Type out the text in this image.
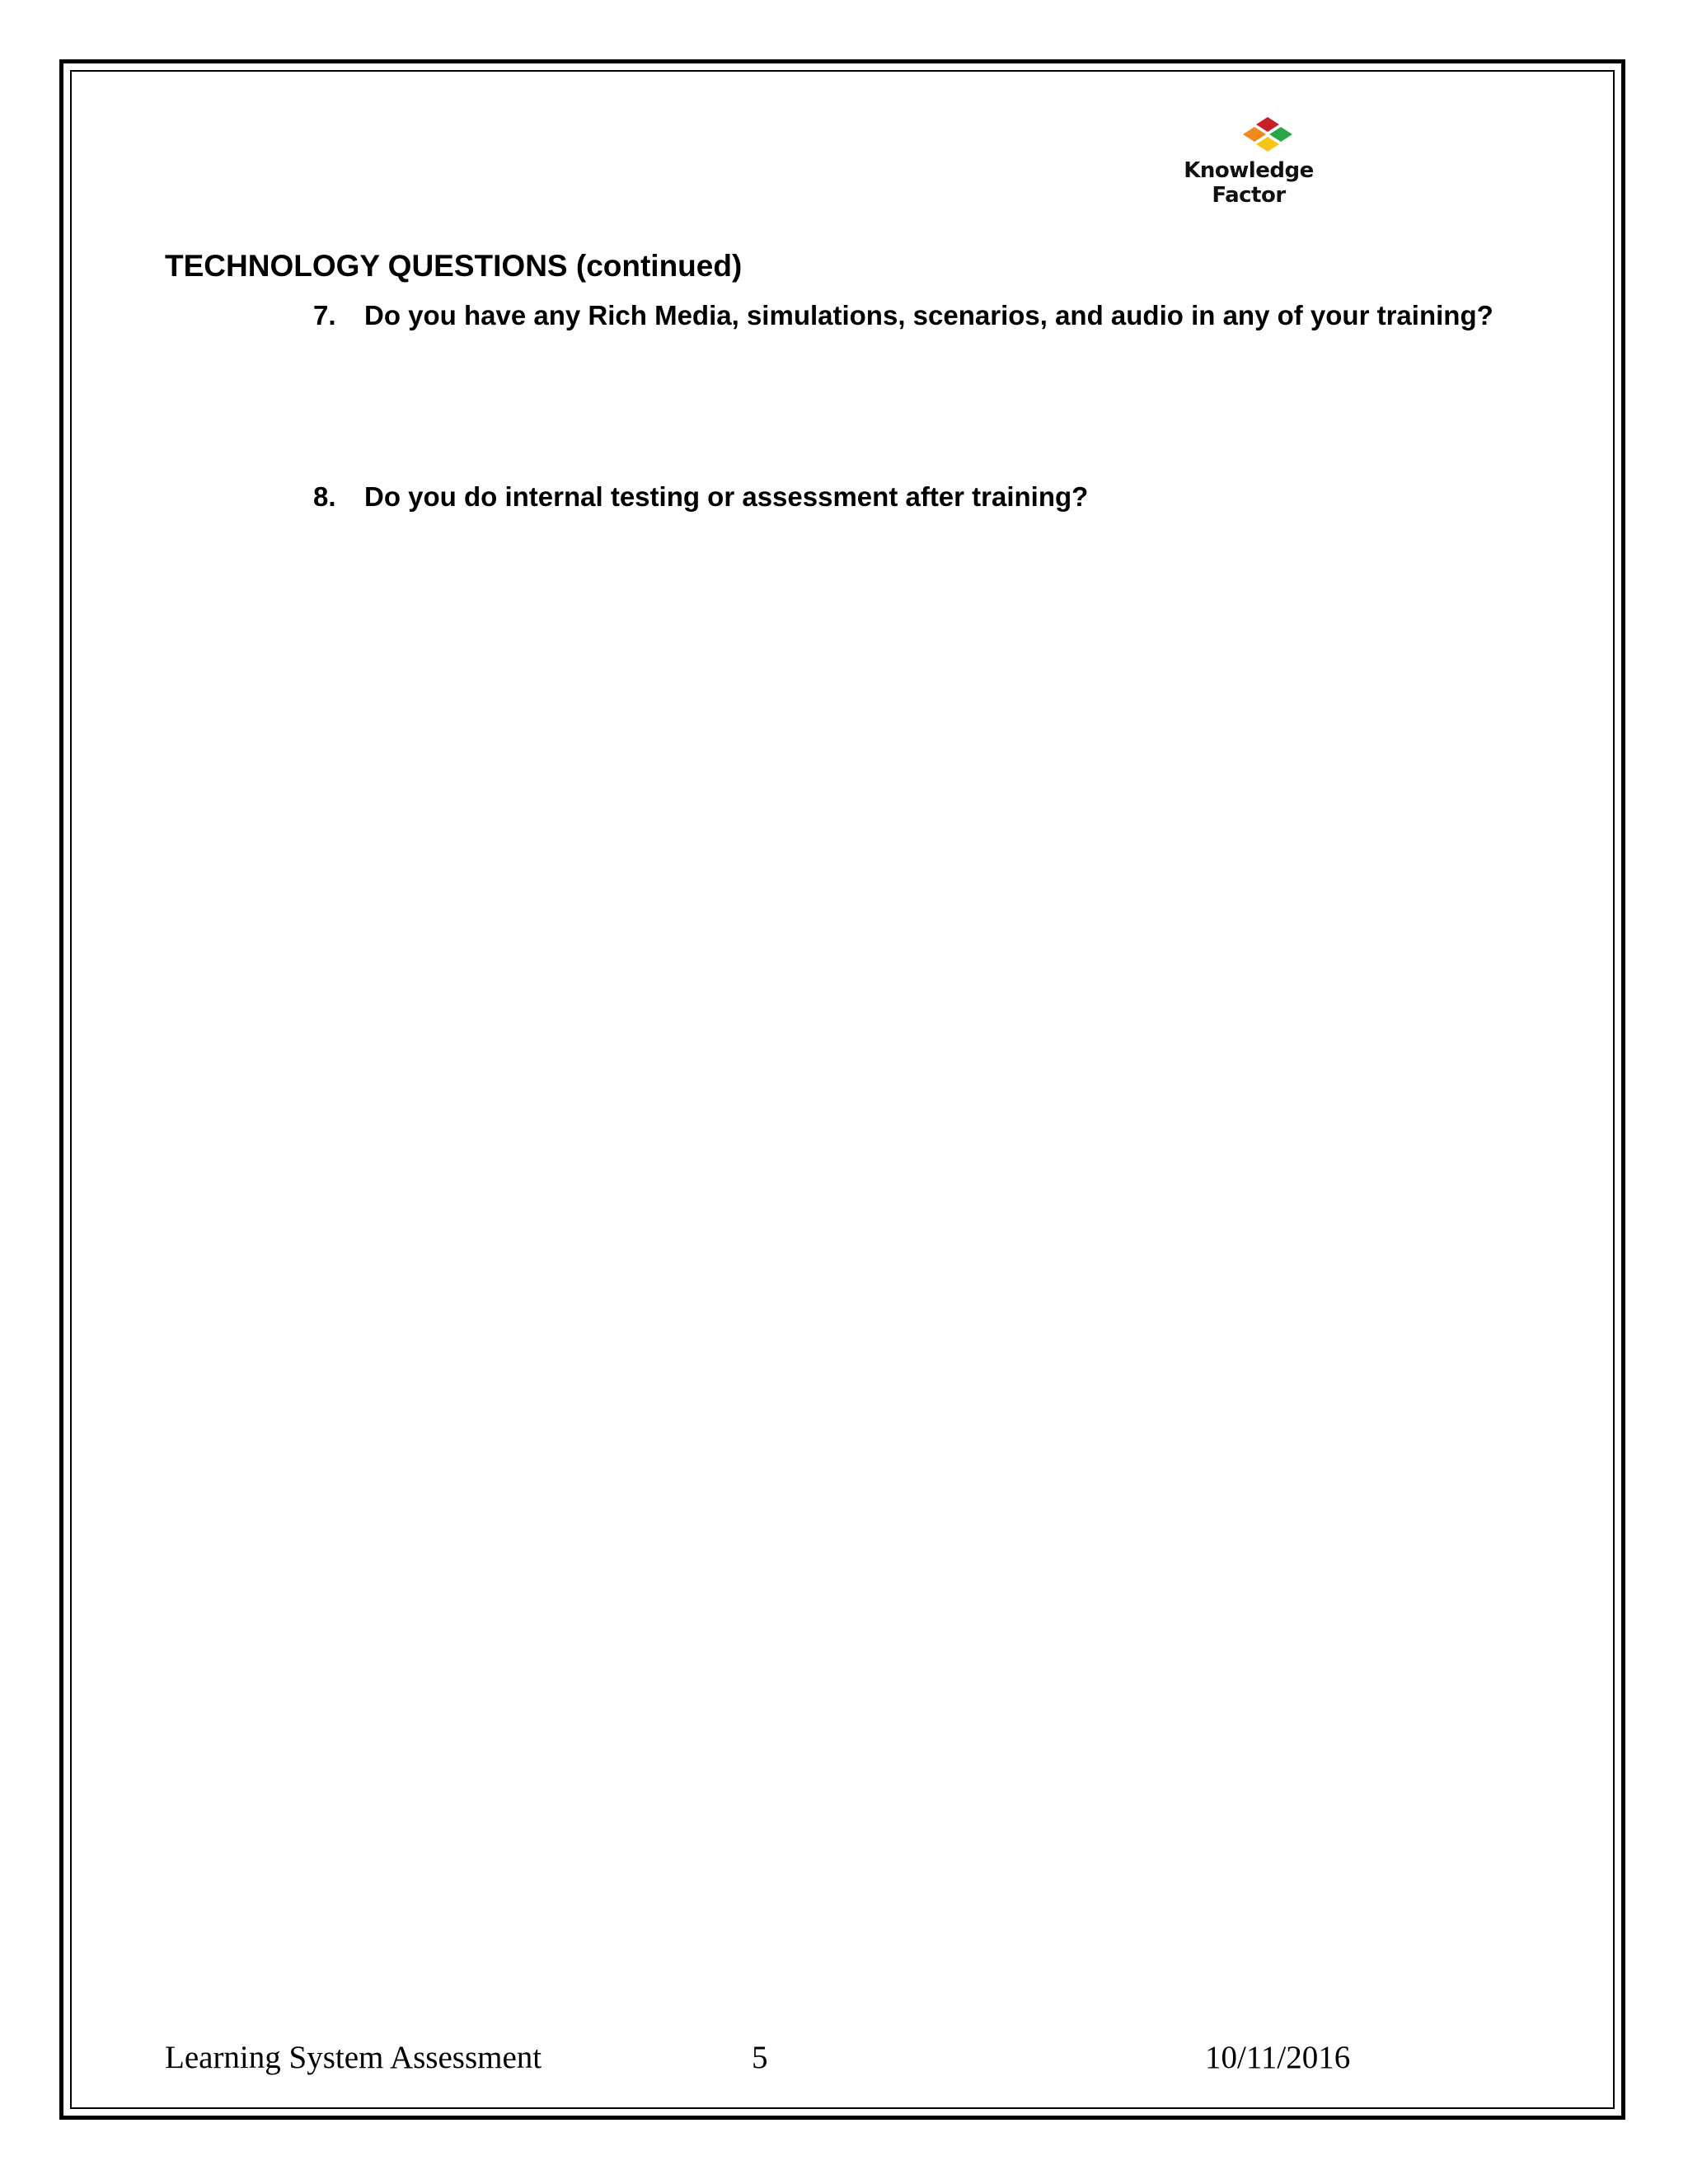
Knowledge Factor
TECHNOLOGY QUESTIONS (continued)
7. Do you have any Rich Media, simulations, scenarios, and audio in any of your training?
8. Do you do internal testing or assessment after training?
Learning System Assessment	5	10/11/2016
